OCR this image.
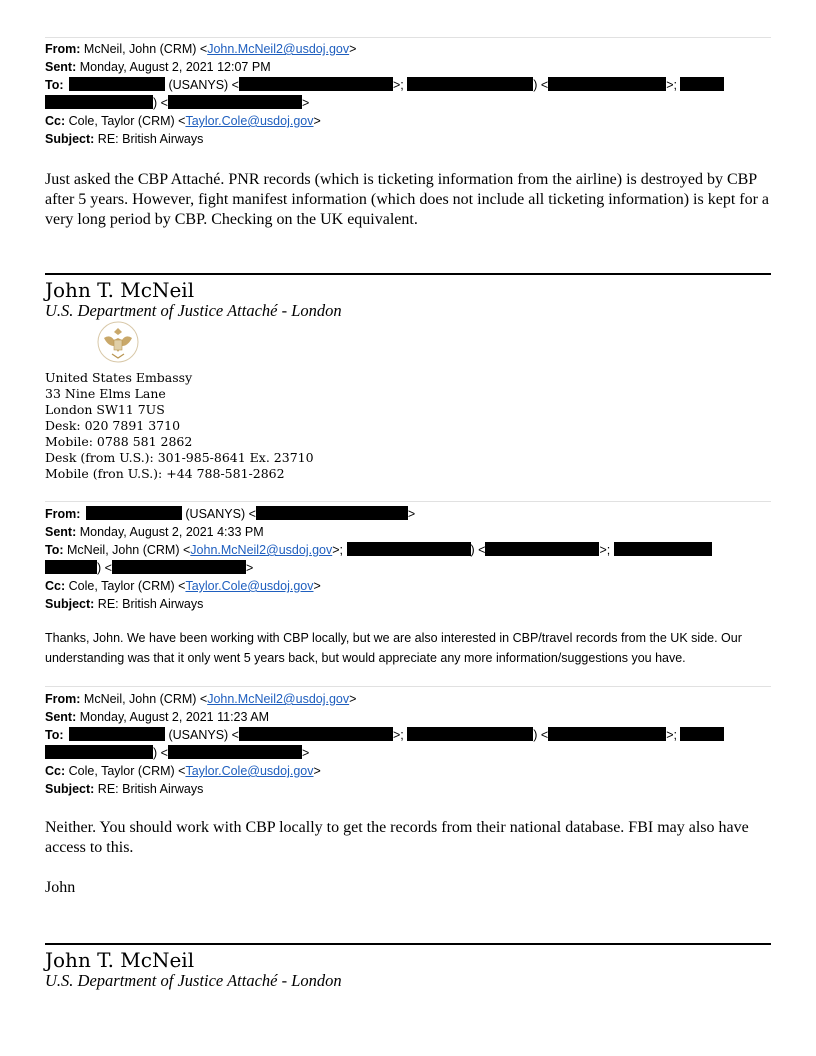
From: McNeil, John (CRM) <John.McNeil2@usdoj.gov>
Sent: Monday, August 2, 2021 12:07 PM
To:	(USANYS) <	>;	) <	>;
) <	>
Cc: Cole, Taylor (CRM) <Taylor.Cole@usdoj.gov>
Subject: RE: British Airways
Just asked the CBP Attaché. PNR records (which is ticketing information from the airline) is destroyed by CBP after 5 years. However, fight manifest information (which does not include all ticketing information) is kept for a very long period by CBP. Checking on the UK equivalent.
John T. McNeil
U.S. Department of Justice Attaché - London
United States Embassy
33 Nine Elms Lane
London SW11 7US
Desk: 020 7891 3710
Mobile: 0788 581 2862
Desk (from U.S.): 301-985-8641 Ex. 23710
Mobile (fron U.S.): +44 788-581-2862
From:	(USANYS) <	>
Sent: Monday, August 2, 2021 4:33 PM
To: McNeil, John (CRM) <John.McNeil2@usdoj.gov>;	) <	>;
) <	>
Cc: Cole, Taylor (CRM) <Taylor.Cole@usdoj.gov>
Subject: RE: British Airways
Thanks, John. We have been working with CBP locally, but we are also interested in CBP/travel records from the UK side. Our understanding was that it only went 5 years back, but would appreciate any more information/suggestions you have.
From: McNeil, John (CRM) <John.McNeil2@usdoj.gov>
Sent: Monday, August 2, 2021 11:23 AM
To:	(USANYS) <	>;	) <	>;
) <	>
Cc: Cole, Taylor (CRM) <Taylor.Cole@usdoj.gov>
Subject: RE: British Airways
Neither. You should work with CBP locally to get the records from their national database. FBI may also have access to this.
John
John T. McNeil
U.S. Department of Justice Attaché - London
